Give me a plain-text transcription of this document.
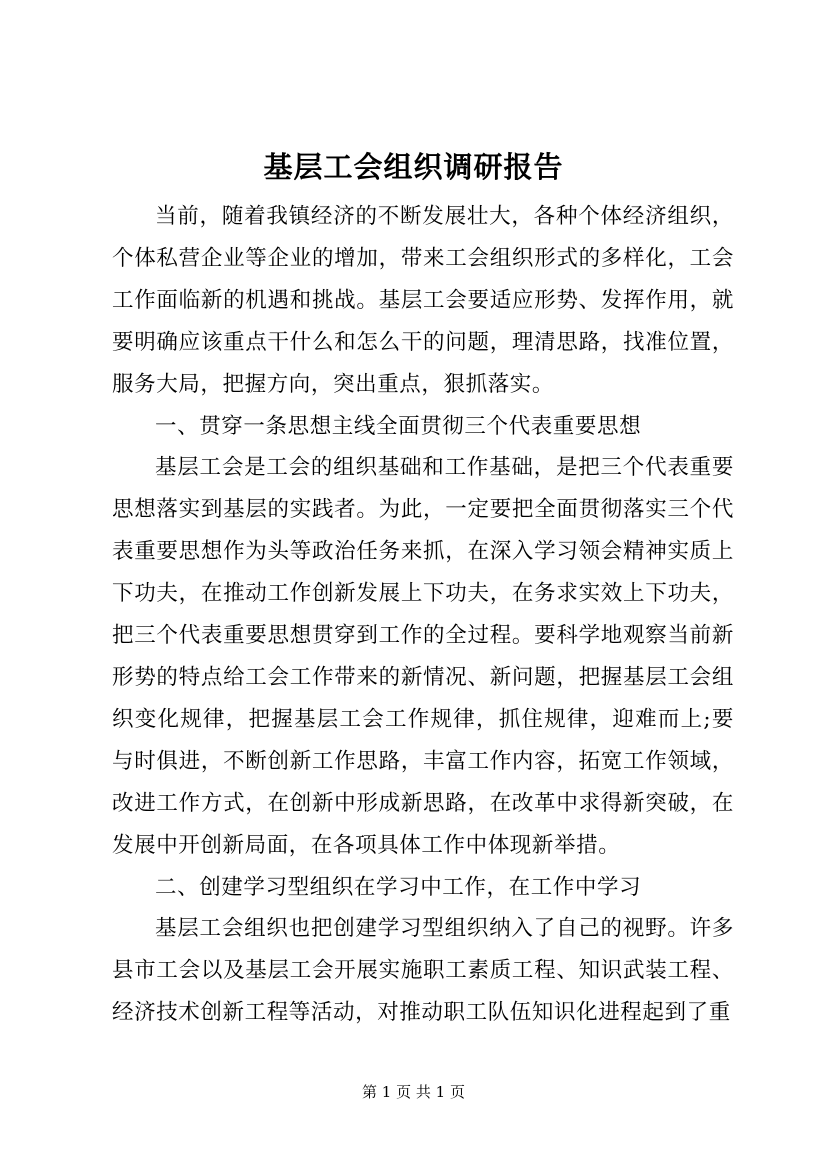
基层工会组织调研报告

当前，随着我镇经济的不断发展壮大，各种个体经济组织，个体私营企业等企业的增加，带来工会组织形式的多样化，工会工作面临新的机遇和挑战。基层工会要适应形势、发挥作用，就要明确应该重点干什么和怎么干的问题，理清思路，找准位置，服务大局，把握方向，突出重点，狠抓落实。

一、贯穿一条思想主线全面贯彻三个代表重要思想

基层工会是工会的组织基础和工作基础，是把三个代表重要思想落实到基层的实践者。为此，一定要把全面贯彻落实三个代表重要思想作为头等政治任务来抓，在深入学习领会精神实质上下功夫，在推动工作创新发展上下功夫，在务求实效上下功夫，把三个代表重要思想贯穿到工作的全过程。要科学地观察当前新形势的特点给工会工作带来的新情况、新问题，把握基层工会组织变化规律，把握基层工会工作规律，抓住规律，迎难而上;要与时俱进，不断创新工作思路，丰富工作内容，拓宽工作领域，改进工作方式，在创新中形成新思路，在改革中求得新突破，在发展中开创新局面，在各项具体工作中体现新举措。

二、创建学习型组织在学习中工作，在工作中学习

基层工会组织也把创建学习型组织纳入了自己的视野。许多县市工会以及基层工会开展实施职工素质工程、知识武装工程、经济技术创新工程等活动，对推动职工队伍知识化进程起到了重

第 1 页 共 1 页
